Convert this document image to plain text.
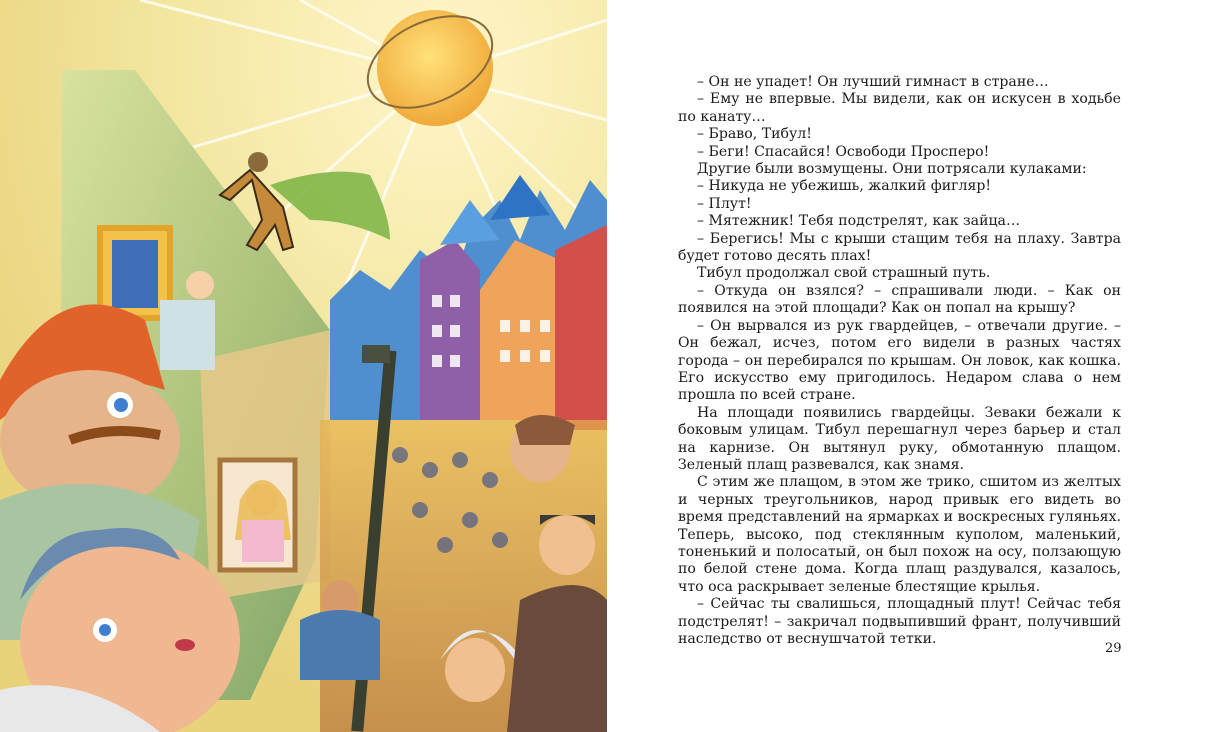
– Он не упадет! Он лучший гимнаст в стране…

– Ему не впервые. Мы видели, как он искусен в ходьбе по канату…

– Браво, Тибул!

– Беги! Спасайся! Освободи Просперо!

Другие были возмущены. Они потрясали кулаками:

– Никуда не убежишь, жалкий фигляр!

– Плут!

– Мятежник! Тебя подстрелят, как зайца…

– Берегись! Мы с крыши стащим тебя на плаху. Завтра будет готово десять плах!

Тибул продолжал свой страшный путь.

– Откуда он взялся? – спрашивали люди. – Как он появился на этой площади? Как он попал на крышу?

– Он вырвался из рук гвардейцев, – отвечали другие. – Он бежал, исчез, потом его видели в разных частях города – он перебирался по крышам. Он ловок, как кошка. Его искусство ему пригодилось. Недаром слава о нем прошла по всей стране.

На площади появились гвардейцы. Зеваки бежали к боковым улицам. Тибул перешагнул через барьер и стал на карнизе. Он вытянул руку, обмотанную плащом. Зеленый плащ развевался, как знамя.

С этим же плащом, в этом же трико, сшитом из желтых и черных треугольников, народ привык его видеть во время представлений на ярмарках и воскресных гуляньях. Теперь, высоко, под стеклянным куполом, маленький, тоненький и полосатый, он был похож на осу, ползающую по белой стене дома. Когда плащ раздувался, казалось, что оса раскрывает зеленые блестящие крылья.

– Сейчас ты свалишься, площадный плут! Сейчас тебя подстрелят! – закричал подвыпивший франт, получивший наследство от веснушчатой тетки.

29
